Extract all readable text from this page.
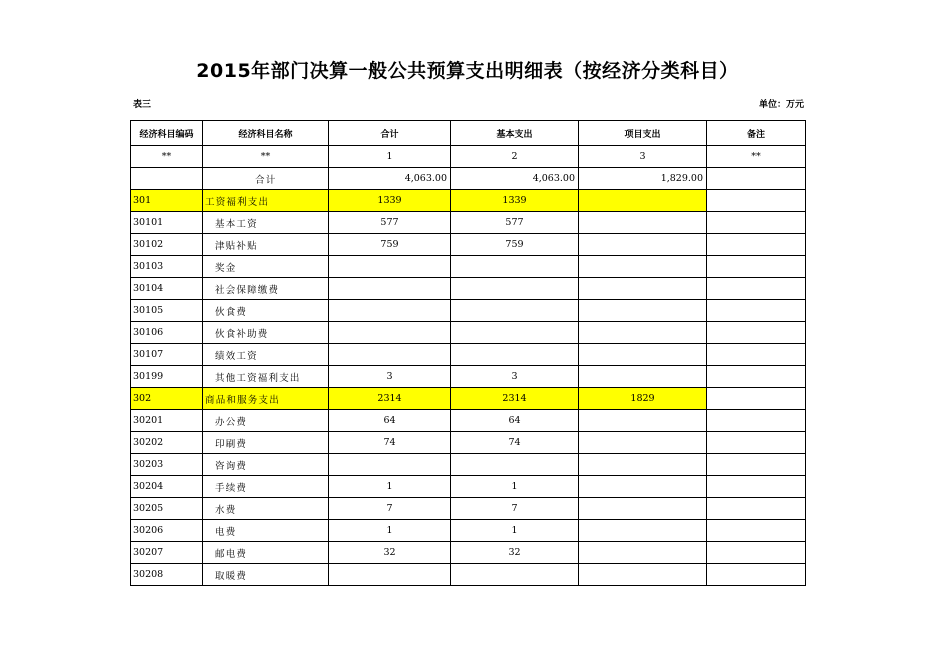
2015年部门决算一般公共预算支出明细表（按经济分类科目）
表三	单位：万元
经济科目编码	经济科目名称	合计	基本支出	项目支出	备注
**	**	1	2	3	**
	合计	4,063.00	4,063.00	1,829.00	
301	工资福利支出	1339	1339		
30101	基本工资	577	577		
30102	津贴补贴	759	759		
30103	奖金				
30104	社会保障缴费				
30105	伙食费				
30106	伙食补助费				
30107	绩效工资				
30199	其他工资福利支出	3	3		
302	商品和服务支出	2314	2314	1829	
30201	办公费	64	64		
30202	印刷费	74	74		
30203	咨询费				
30204	手续费	1	1		
30205	水费	7	7		
30206	电费	1	1		
30207	邮电费	32	32		
30208	取暖费				
